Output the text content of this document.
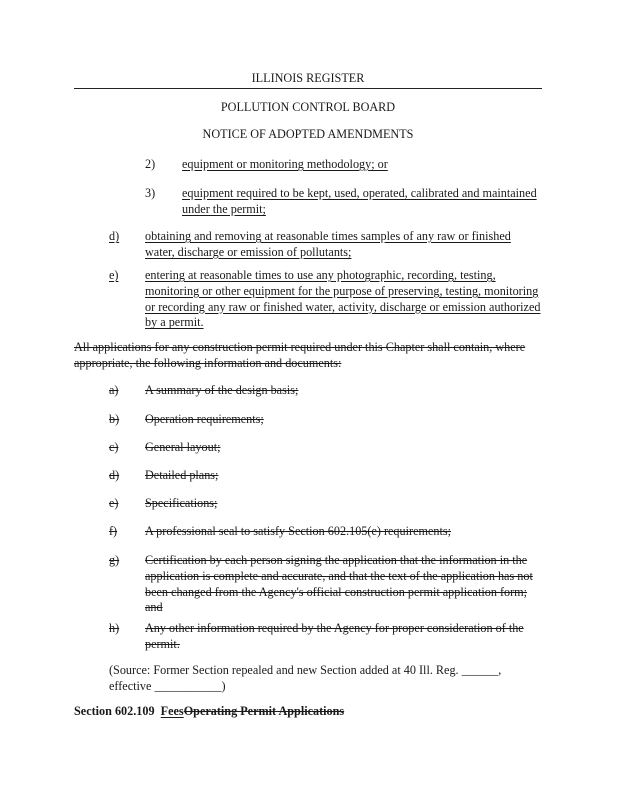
ILLINOIS REGISTER
POLLUTION CONTROL BOARD
NOTICE OF ADOPTED AMENDMENTS
2) equipment or monitoring methodology; or
3) equipment required to be kept, used, operated, calibrated and maintained under the permit;
d) obtaining and removing at reasonable times samples of any raw or finished water, discharge or emission of pollutants;
e) entering at reasonable times to use any photographic, recording, testing, monitoring or other equipment for the purpose of preserving, testing, monitoring or recording any raw or finished water, activity, discharge or emission authorized by a permit.
All applications for any construction permit required under this Chapter shall contain, where appropriate, the following information and documents:
a) A summary of the design basis;
b) Operation requirements;
c) General layout;
d) Detailed plans;
e) Specifications;
f) A professional seal to satisfy Section 602.105(e) requirements;
g) Certification by each person signing the application that the information in the application is complete and accurate, and that the text of the application has not been changed from the Agency's official construction permit application form; and
h) Any other information required by the Agency for proper consideration of the permit.
(Source: Former Section repealed and new Section added at 40 Ill. Reg. ______,
effective ___________)
Section 602.109 FeesOperating Permit Applications
